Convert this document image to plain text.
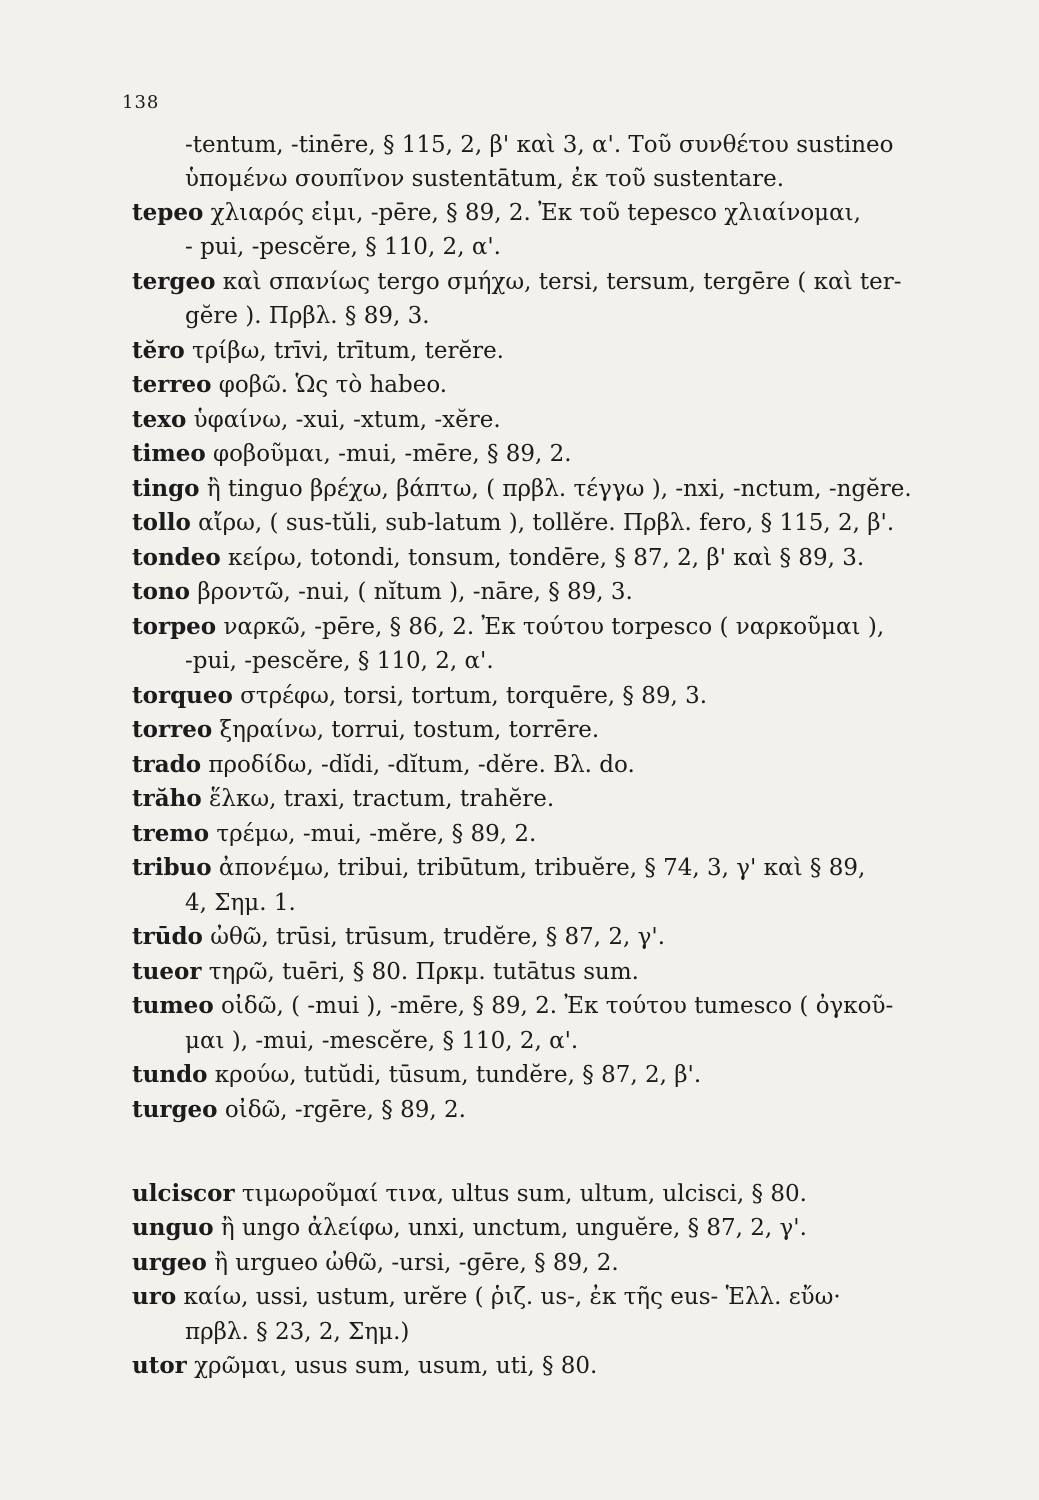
138
-tentum, -tinēre, § 115, 2, β' καὶ 3, α'. Τοῦ συνθέτου sustineo
ὑπομένω σουπῖνον sustentātum, ἐκ τοῦ sustentare.
tepeo χλιαρός εἰμι, -pēre, § 89, 2. Ἐκ τοῦ tepesco χλιαίνομαι,
- pui, -pescĕre, § 110, 2, α'.
tergeo καὶ σπανίως tergo σμήχω, tersi, tersum, tergēre ( καὶ ter-
gĕre ). Πρβλ. § 89, 3.
tĕro τρίβω, trīvi, trītum, terĕre.
terreo φοβῶ. Ὡς τὸ habeo.
texo ὑφαίνω, -xui, -xtum, -xĕre.
timeo φοβοῦμαι, -mui, -mēre, § 89, 2.
tingo ἢ tinguo βρέχω, βάπτω, ( πρβλ. τέγγω ), -nxi, -nctum, -ngĕre.
tollo αἴρω, ( sus-tŭli, sub-latum ), tollĕre. Πρβλ. fero, § 115, 2, β'.
tondeo κείρω, totondi, tonsum, tondēre, § 87, 2, β' καὶ § 89, 3.
tono βροντῶ, -nui, ( nĭtum ), -nāre, § 89, 3.
torpeo ναρκῶ, -pēre, § 86, 2. Ἐκ τούτου torpesco ( ναρκοῦμαι ),
-pui, -pescĕre, § 110, 2, α'.
torqueo στρέφω, torsi, tortum, torquēre, § 89, 3.
torreo ξηραίνω, torrui, tostum, torrēre.
trado προδίδω, -dĭdi, -dĭtum, -dĕre. Βλ. do.
trăho ἕλκω, traxi, tractum, trahĕre.
tremo τρέμω, -mui, -mĕre, § 89, 2.
tribuo ἀπονέμω, tribui, tribūtum, tribuĕre, § 74, 3, γ' καὶ § 89,
4, Σημ. 1.
trūdo ὠθῶ, trūsi, trūsum, trudĕre, § 87, 2, γ'.
tueor τηρῶ, tuēri, § 80. Πρκμ. tutātus sum.
tumeo οἰδῶ, ( -mui ), -mēre, § 89, 2. Ἐκ τούτου tumesco ( ὀγκοῦ-
μαι ), -mui, -mescĕre, § 110, 2, α'.
tundo κρούω, tutŭdi, tūsum, tundĕre, § 87, 2, β'.
turgeo οἰδῶ, -rgēre, § 89, 2.
ulciscor τιμωροῦμαί τινα, ultus sum, ultum, ulcisci, § 80.
unguo ἢ ungo ἀλείφω, unxi, unctum, unguĕre, § 87, 2, γ'.
urgeo ἢ urgueo ὠθῶ, -ursi, -gēre, § 89, 2.
uro καίω, ussi, ustum, urĕre ( ῥιζ. us-, ἐκ τῆς eus- Ἑλλ. εὔω·
πρβλ. § 23, 2, Σημ.)
utor χρῶμαι, usus sum, usum, uti, § 80.
